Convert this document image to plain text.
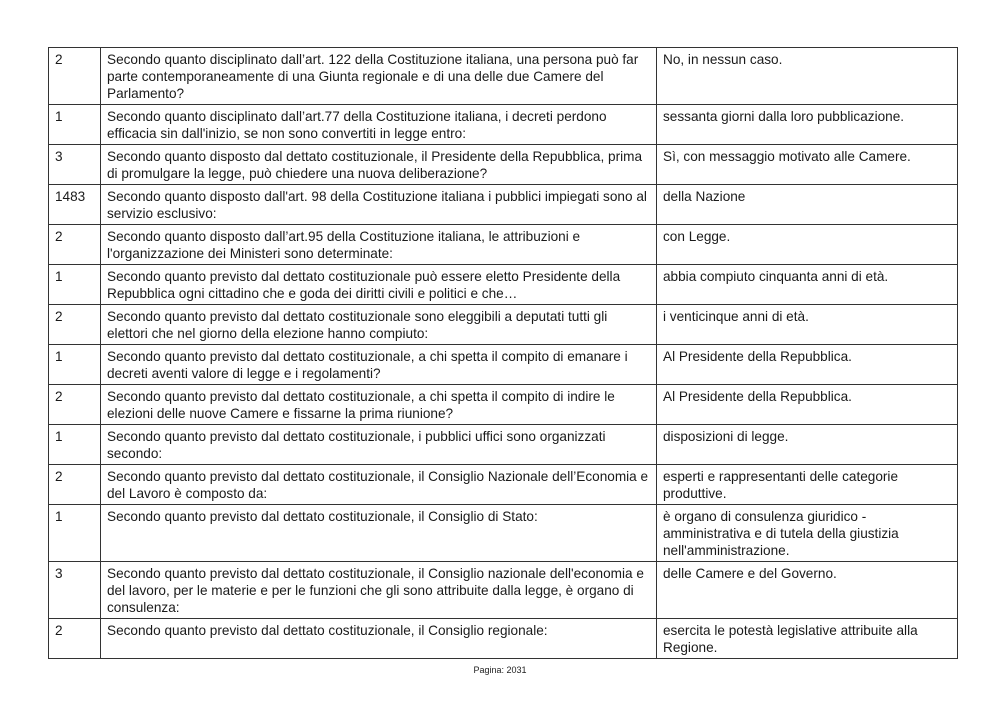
2	Secondo quanto disciplinato dall’art. 122 della Costituzione italiana, una persona può far parte contemporaneamente di una Giunta regionale e di una delle due Camere del Parlamento?	No, in nessun caso.
1	Secondo quanto disciplinato dall’art.77 della Costituzione italiana, i decreti perdono efficacia sin dall'inizio, se non sono convertiti in legge entro:	sessanta giorni dalla loro pubblicazione.
3	Secondo quanto disposto dal dettato costituzionale, il Presidente della Repubblica, prima di promulgare la legge, può chiedere una nuova deliberazione?	Sì, con messaggio motivato alle Camere.
1483	Secondo quanto disposto dall'art. 98 della Costituzione italiana i pubblici impiegati sono al servizio esclusivo:	della Nazione
2	Secondo quanto disposto dall’art.95 della Costituzione italiana, le attribuzioni e l'organizzazione dei Ministeri sono determinate:	con Legge.
1	Secondo quanto previsto dal dettato costituzionale può essere eletto Presidente della Repubblica ogni cittadino che e goda dei diritti civili e politici e che…	abbia compiuto cinquanta anni di età.
2	Secondo quanto previsto dal dettato costituzionale sono eleggibili a deputati tutti gli elettori che nel giorno della elezione hanno compiuto:	i venticinque anni di età.
1	Secondo quanto previsto dal dettato costituzionale, a chi spetta il compito di emanare i decreti aventi valore di legge e i regolamenti?	Al Presidente della Repubblica.
2	Secondo quanto previsto dal dettato costituzionale, a chi spetta il compito di indire le elezioni delle nuove Camere e fissarne la prima riunione?	Al Presidente della Repubblica.
1	Secondo quanto previsto dal dettato costituzionale, i pubblici uffici sono organizzati secondo:	disposizioni di legge.
2	Secondo quanto previsto dal dettato costituzionale, il Consiglio Nazionale dell’Economia e del Lavoro è composto da:	esperti e rappresentanti delle categorie produttive.
1	Secondo quanto previsto dal dettato costituzionale, il Consiglio di Stato:	è organo di consulenza giuridico - amministrativa e di tutela della giustizia nell'amministrazione.
3	Secondo quanto previsto dal dettato costituzionale, il Consiglio nazionale dell'economia e del lavoro, per le materie e per le funzioni che gli sono attribuite dalla legge, è organo di consulenza:	delle Camere e del Governo.
2	Secondo quanto previsto dal dettato costituzionale, il Consiglio regionale:	esercita le potestà legislative attribuite alla Regione.
Pagina: 2031
